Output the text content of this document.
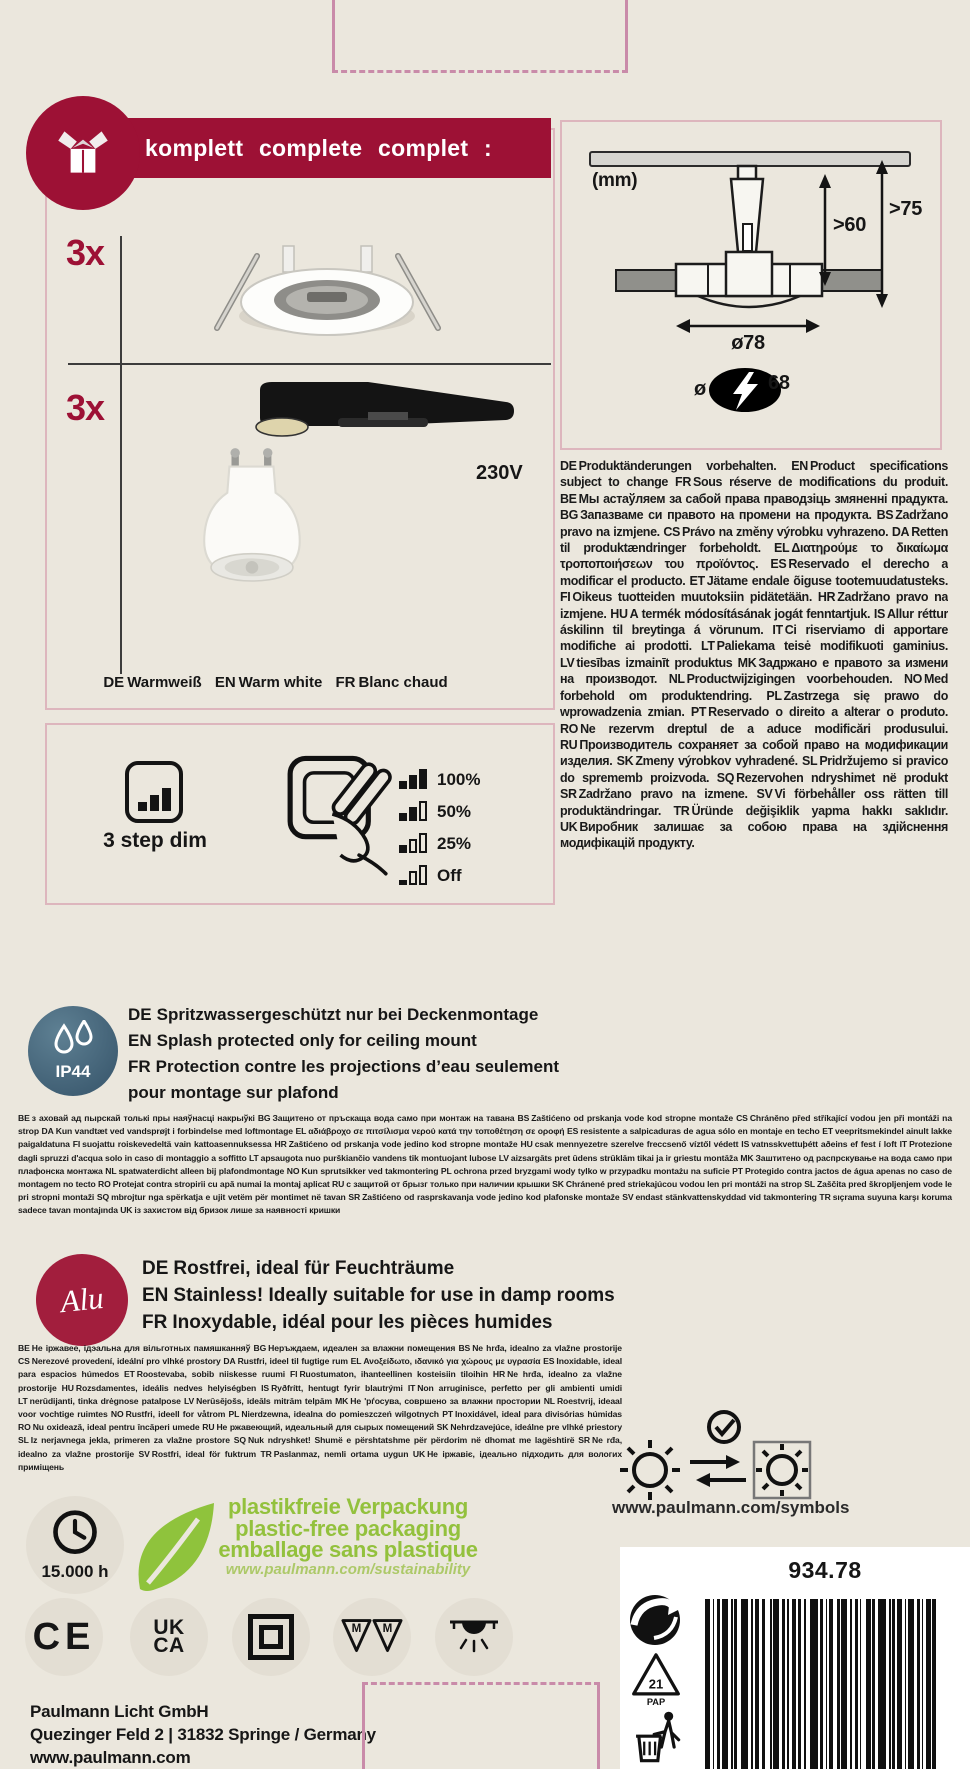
komplett complete complet :
3x
3x
230V
DE Warmweiß EN Warm white FR Blanc chaud
(mm)
>60
>75
ø78
ø	68
DE Produktänderungen vorbehalten. EN Product specifications subject to change FR Sous réserve de modifications du produit. BE Мы астаўляем за сабой права праводзіць змяненні прадукта. BG Запазваме си правото на промени на продукта. BS Zadržano pravo na izmjene. CS Právo na změny výrobku vyhrazeno. DA Retten til produktændringer forbeholdt. EL Διατηρούμε το δικαίωμα τροποποιήσεων του προϊόντος. ES Reservado el derecho a modificar el producto. ET Jätame endale õiguse tootemuudatusteks. FI Oikeus tuotteiden muutoksiin pidätetään. HR Zadržano pravo na izmjene. HU A termék módosításának jogát fenntartjuk. IS Allur réttur áskilinn til breytinga á vörunum. IT Ci riserviamo di apportare modifiche ai prodotti. LT Paliekama teisė modifikuoti gaminius. LV tiesības izmainīt produktus MK Задржано е правото за измени на производот. NL Productwijzigingen voorbehouden. NO Med forbehold om produktendring. PL Zastrzega się prawo do wprowadzenia zmian. PT Reservado o direito a alterar o produto. RO Ne rezervm dreptul de a aduce modificări produsului. RU Производитель сохраняет за собой право на модификации изделия. SK Zmeny výrobkov vyhradené. SL Pridržujemo si pravico do sprememb proizvoda. SQ Rezervohen ndryshimet në produkt SR Zadržano pravo na izmene. SV Vi förbehåller oss rätten till produktändringar. TR Üründe değişiklik yapma hakkı saklıdır. UK Виробник залишає за собою права на здійснення модифікацій продукту.
3 step dim
100%
50%
25%
Off
IP44
DE Spritzwassergeschützt nur bei Deckenmontage
EN Splash protected only for ceiling mount
FR Protection contre les projections d’eau seulement pour montage sur plafond
BE з аховай ад пырскай толькі пры наяўнасці накрыўкі BG Защитено от пръскаща вода само при монтаж на тавана BS Zaštićeno od prskanja vode kod stropne montaže CS Chráněno před stříkající vodou jen při montáži na strop DA Kun vandtæt ved vandsprøjt i forbindelse med loftmontage EL αδιάβροχο σε πιτσίλισμα νερού κατά την τοποθέτηση σε οροφή ES resistente a salpicaduras de agua sólo en montaje en techo ET veepritsmekindel ainult lakke paigaldatuna FI suojattu roiskevedeltä vain kattoasennuksessa HR Zaštićeno od prskanja vode jedino kod stropne montaže HU csak mennyezetre szerelve freccsenő víztől védett IS vatnsskvettuþétt aðeins ef fest í loft IT Protezione dagli spruzzi d'acqua solo in caso di montaggio a soffitto LT apsaugota nuo purškiančio vandens tik montuojant lubose LV aizsargāts pret ūdens strūklām tikai ja ir griestu montāža MK Заштитено од распрскување на вода само при плафонска монтажа NL spatwaterdicht alleen bij plafondmontage NO Kun sprutsikker ved takmontering PL ochrona przed bryzgami wody tylko w przypadku montażu na suficie PT Protegido contra jactos de água apenas no caso de montagem no tecto RO Protejat contra stropirii cu apă numai la montaj aplicat RU с защитой от брызг только при наличии крышки SK Chránené pred striekajúcou vodou len pri montáži na strop SL Zaščita pred škropljenjem vode le pri stropni montaži SQ mbrojtur nga spërkatja e ujit vetëm për montimet në tavan SR Zaštićeno od rasprskavanja vode jedino kod plafonske montaže SV endast stänkvattenskyddad vid takmontering TR sıçrama suyuna karşı koruma sadece tavan montajında UK із захистом від бризок лише за наявності кришки
Alu
DE Rostfrei, ideal für Feuchträume
EN Stainless! Ideally suitable for use in damp rooms
FR Inoxydable, idéal pour les pièces humides
BE Не іржавее, ідэальна для вільготных памяшканняў BG Неръждаем, идеален за влажни помещения BS Ne hrđa, idealno za vlažne prostorije CS Nerezové provedení, ideální pro vlhké prostory DA Rustfri, ideel til fugtige rum EL Ανοξείδωτο, ιδανικό για χώρους με υγρασία ES Inoxidable, ideal para espacios húmedos ET Roostevaba, sobib niiskesse ruumi FI Ruostumaton, ihanteellinen kosteisiin tiloihin HR Ne hrđa, idealno za vlažne prostorije HU Rozsdamentes, ideális nedves helyiségben IS Ryðfrítt, hentugt fyrir blautrými IT Non arruginisce, perfetto per gli ambienti umidi LT nerūdijanti, tinka drėgnose patalpose LV Nerūsējošs, ideāls mitrām telpām MK Не 'рѓосува, совршено за влажни простории NL Roestvrij, ideaal voor vochtige ruimtes NO Rustfri, ideell for våtrom PL Nierdzewna, idealna do pomieszczeń wilgotnych PT Inoxidável, ideal para divisórias húmidas RO Nu oxidează, ideal pentru încăperi umede RU Не ржавеющий, идеальный для сырых помещений SK Nehrdzavejúce, ideálne pre vlhké priestory SL Iz nerjavnega jekla, primeren za vlažne prostore SQ Nuk ndryshket! Shumë e përshtatshme për përdorim në dhomat me lagështirë SR Ne rđa, idealno za vlažne prostorije SV Rostfri, ideal för fuktrum TR Paslanmaz, nemli ortama uygun UK Не іржавіє, ідеально підходить для вологих приміщень
www.paulmann.com/symbols
15.000 h
plastikfreie Verpackung
plastic-free packaging
emballage sans plastique
www.paulmann.com/sustainability
CE	UK
CA
M M
Paulmann Licht GmbH
Quezinger Feld 2 | 31832 Springe / Germany
www.paulmann.com
934.78
21
PAP
